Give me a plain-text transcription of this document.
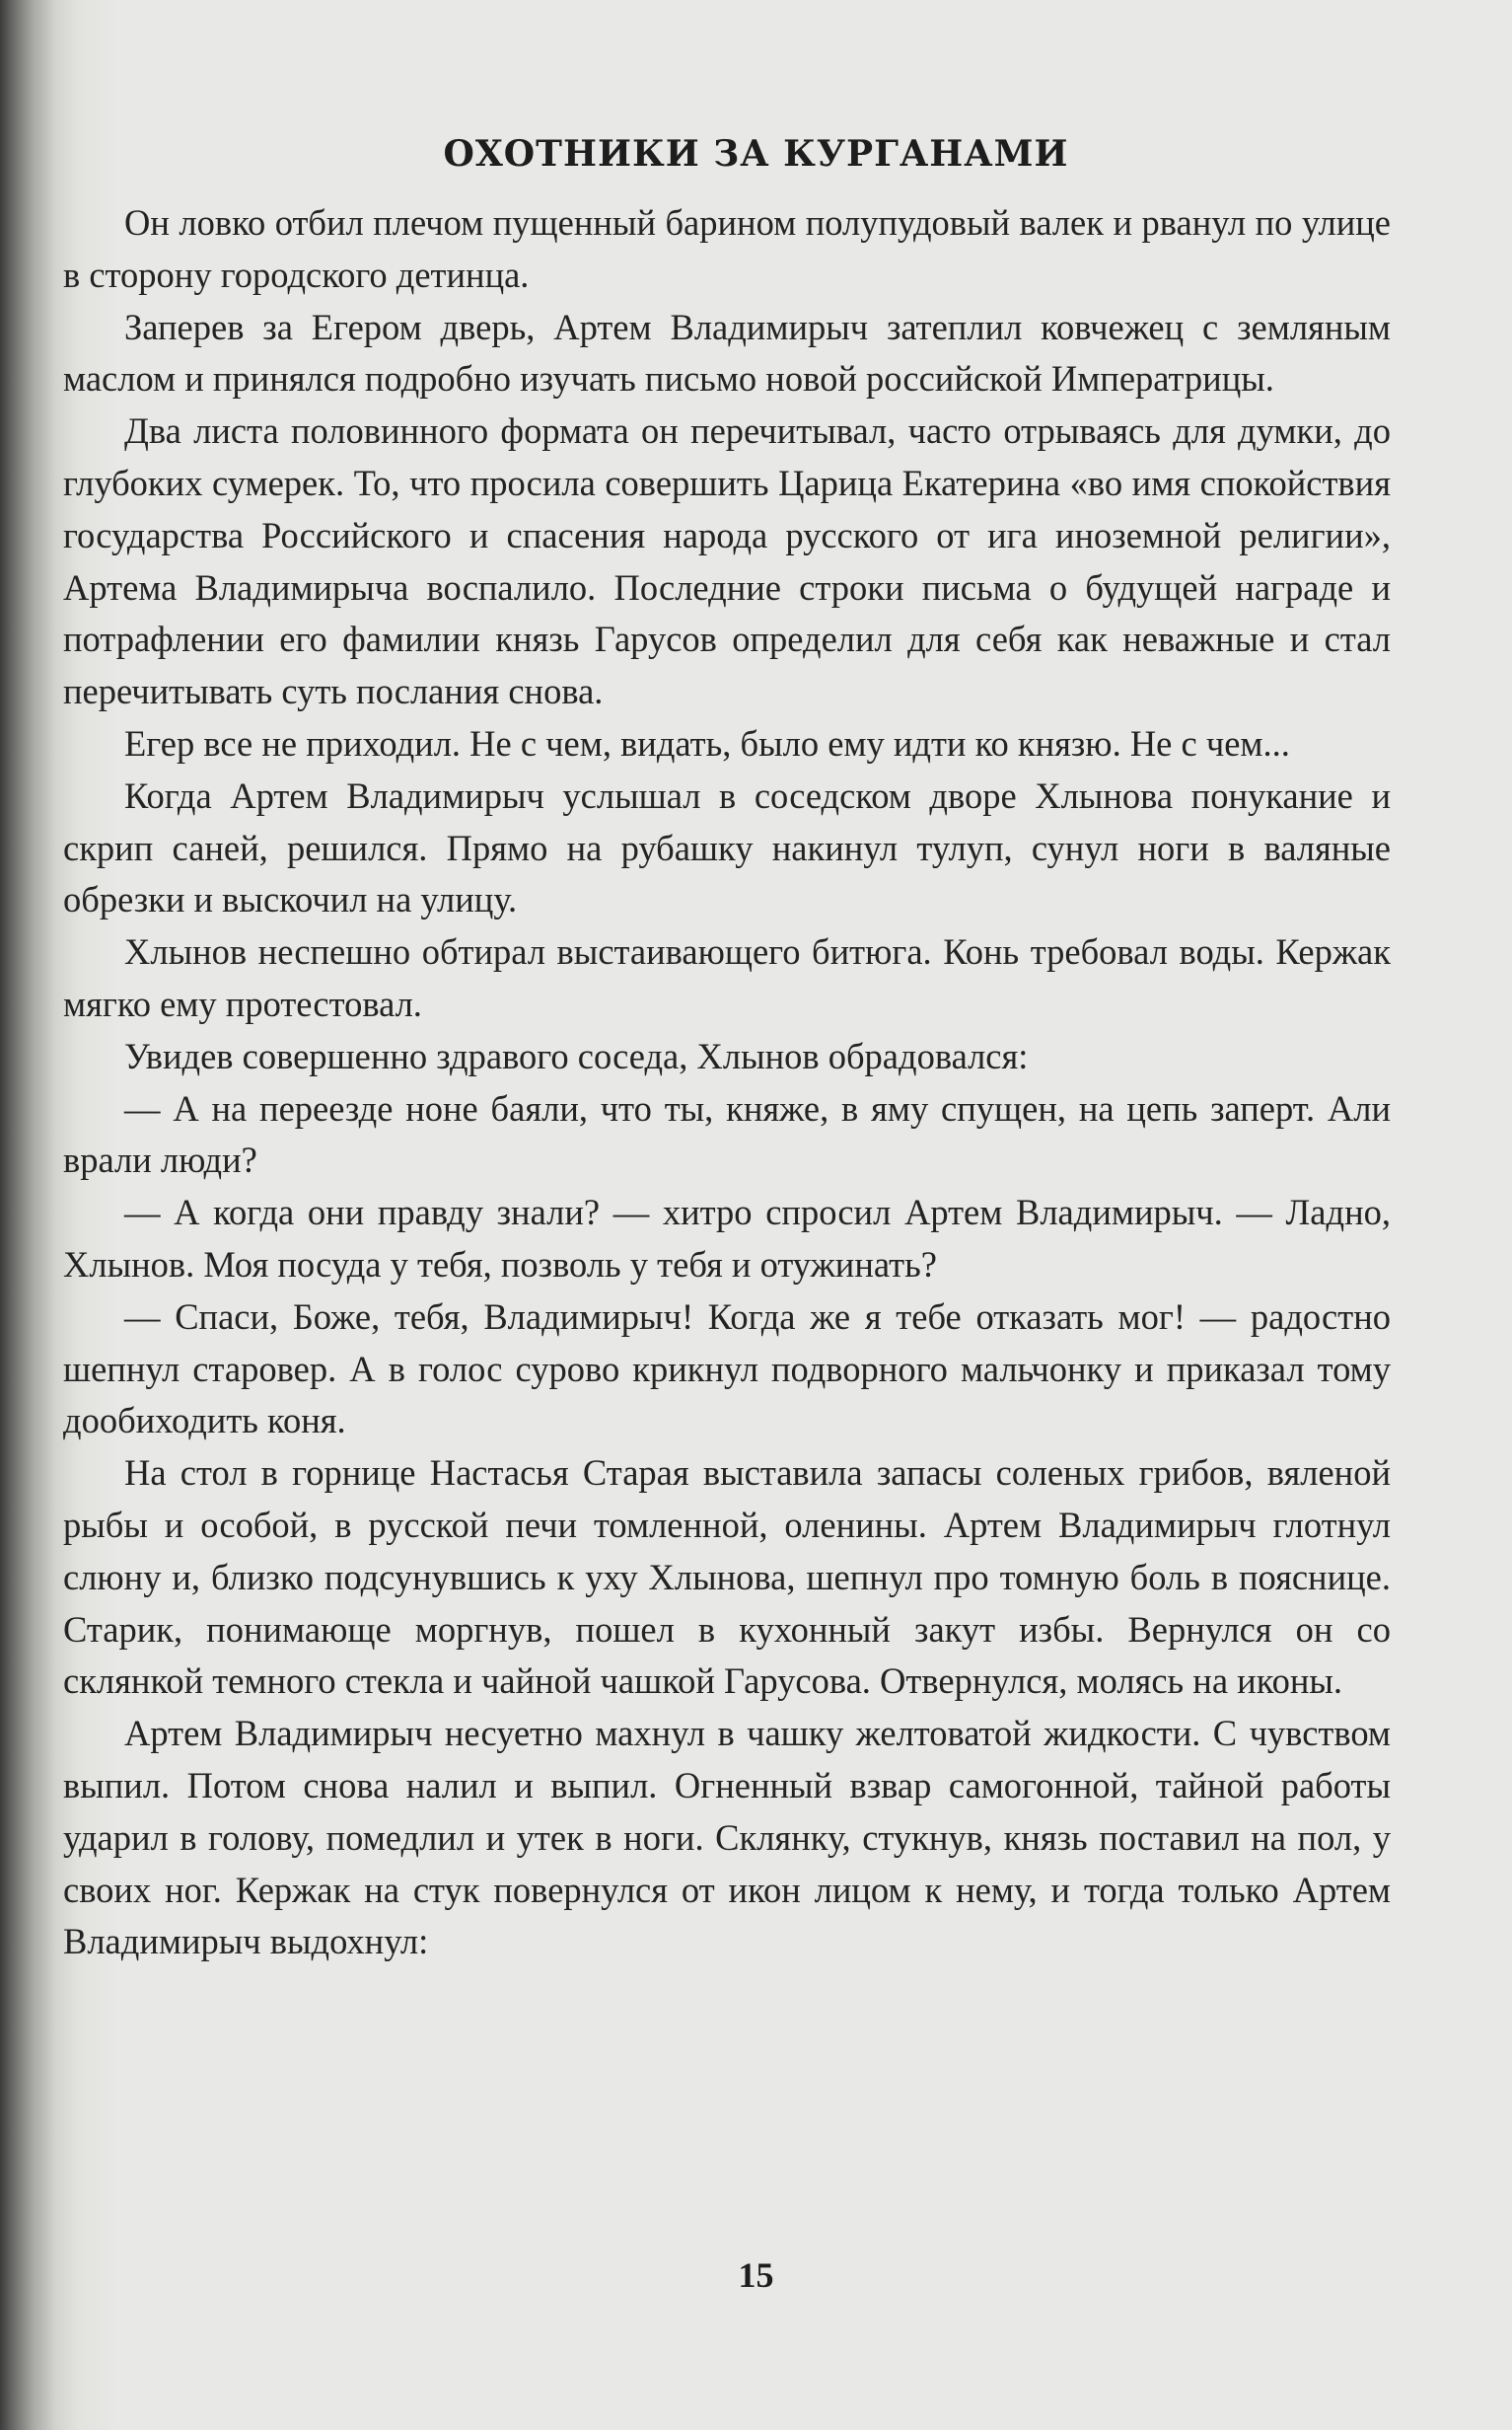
ОХОТНИКИ ЗА КУРГАНАМИ

Он ловко отбил плечом пущенный барином полупудовый валек и рванул по улице в сторону городского детинца.

Заперев за Егером дверь, Артем Владимирыч затеплил ковчежец с земляным маслом и принялся подробно изучать письмо новой российской Императрицы.

Два листа половинного формата он перечитывал, часто отрываясь для думки, до глубоких сумерек. То, что просила совершить Царица Екатерина «во имя спокойствия государства Российского и спасения народа русского от ига иноземной религии», Артема Владимирыча воспалило. Последние строки письма о будущей награде и потрафлении его фамилии князь Гарусов определил для себя как неважные и стал перечитывать суть послания снова.

Егер все не приходил. Не с чем, видать, было ему идти ко князю. Не с чем...

Когда Артем Владимирыч услышал в соседском дворе Хлынова понукание и скрип саней, решился. Прямо на рубашку накинул тулуп, сунул ноги в валяные обрезки и выскочил на улицу.

Хлынов неспешно обтирал выстаивающего битюга. Конь требовал воды. Кержак мягко ему протестовал.

Увидев совершенно здравого соседа, Хлынов обрадовался:

— А на переезде ноне баяли, что ты, княже, в яму спущен, на цепь заперт. Али врали люди?

— А когда они правду знали? — хитро спросил Артем Владимирыч. — Ладно, Хлынов. Моя посуда у тебя, позволь у тебя и отужинать?

— Спаси, Боже, тебя, Владимирыч! Когда же я тебе отказать мог! — радостно шепнул старовер. А в голос сурово крикнул подворного мальчонку и приказал тому дообиходить коня.

На стол в горнице Настасья Старая выставила запасы соленых грибов, вяленой рыбы и особой, в русской печи томленной, оленины. Артем Владимирыч глотнул слюну и, близко подсунувшись к уху Хлынова, шепнул про томную боль в пояснице. Старик, понимающе моргнув, пошел в кухонный закут избы. Вернулся он со склянкой темного стекла и чайной чашкой Гарусова. Отвернулся, молясь на иконы.

Артем Владимирыч несуетно махнул в чашку желтоватой жидкости. С чувством выпил. Потом снова налил и выпил. Огненный взвар самогонной, тайной работы ударил в голову, помедлил и утек в ноги. Склянку, стукнув, князь поставил на пол, у своих ног. Кержак на стук повернулся от икон лицом к нему, и тогда только Артем Владимирыч выдохнул:

15
